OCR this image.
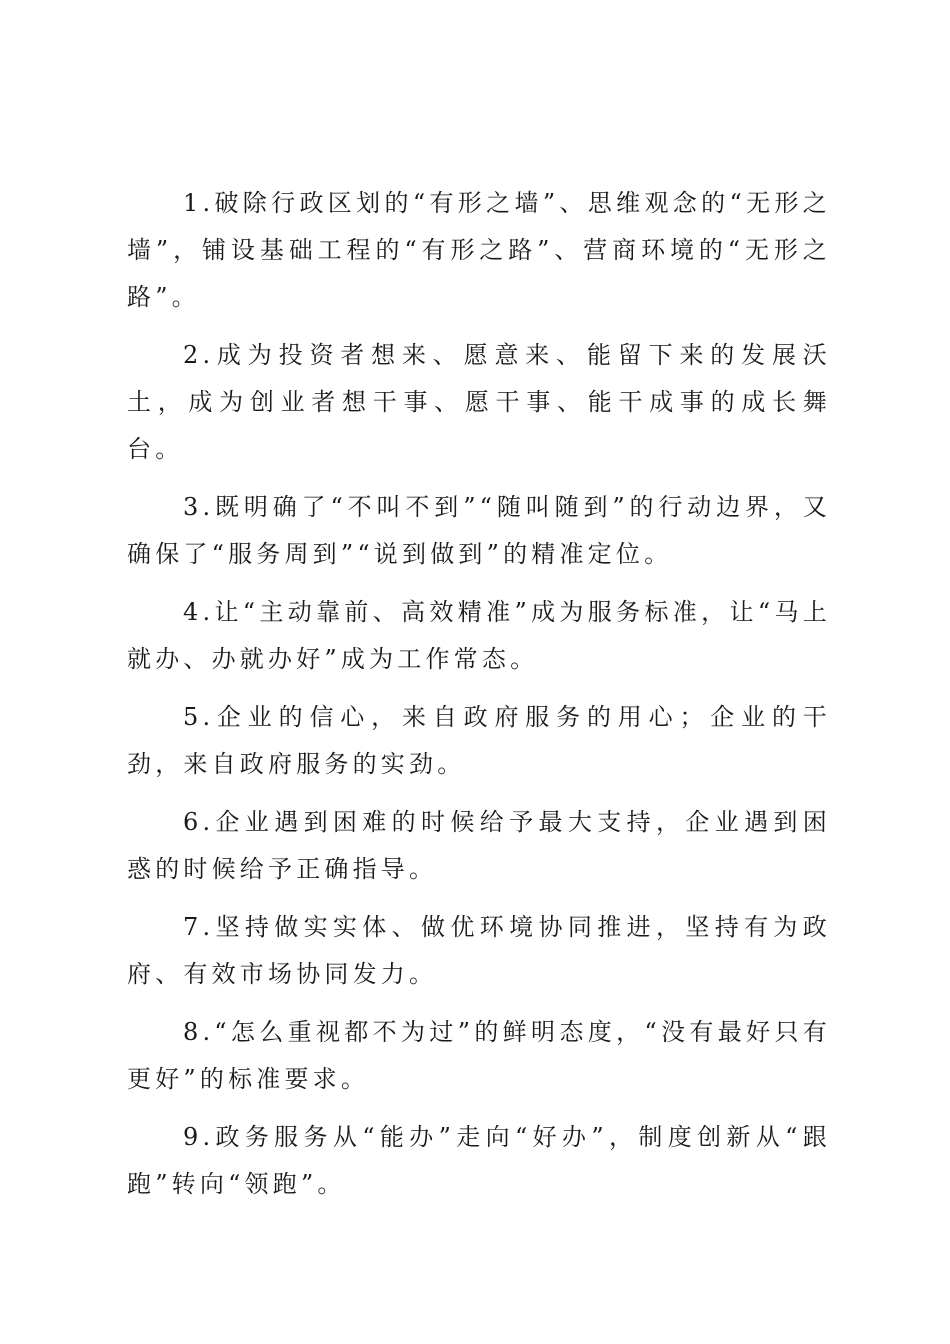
1.破除行政区划的“有形之墙”、思维观念的“无形之墙”，铺设基础工程的“有形之路”、营商环境的“无形之路”。

2.成为投资者想来、愿意来、能留下来的发展沃土，成为创业者想干事、愿干事、能干成事的成长舞台。

3.既明确了“不叫不到”“随叫随到”的行动边界，又确保了“服务周到”“说到做到”的精准定位。

4.让“主动靠前、高效精准”成为服务标准，让“马上就办、办就办好”成为工作常态。

5.企业的信心，来自政府服务的用心；企业的干劲，来自政府服务的实劲。

6.企业遇到困难的时候给予最大支持，企业遇到困惑的时候给予正确指导。

7.坚持做实实体、做优环境协同推进，坚持有为政府、有效市场协同发力。

8.“怎么重视都不为过”的鲜明态度，“没有最好只有更好”的标准要求。

9.政务服务从“能办”走向“好办”，制度创新从“跟跑”转向“领跑”。
